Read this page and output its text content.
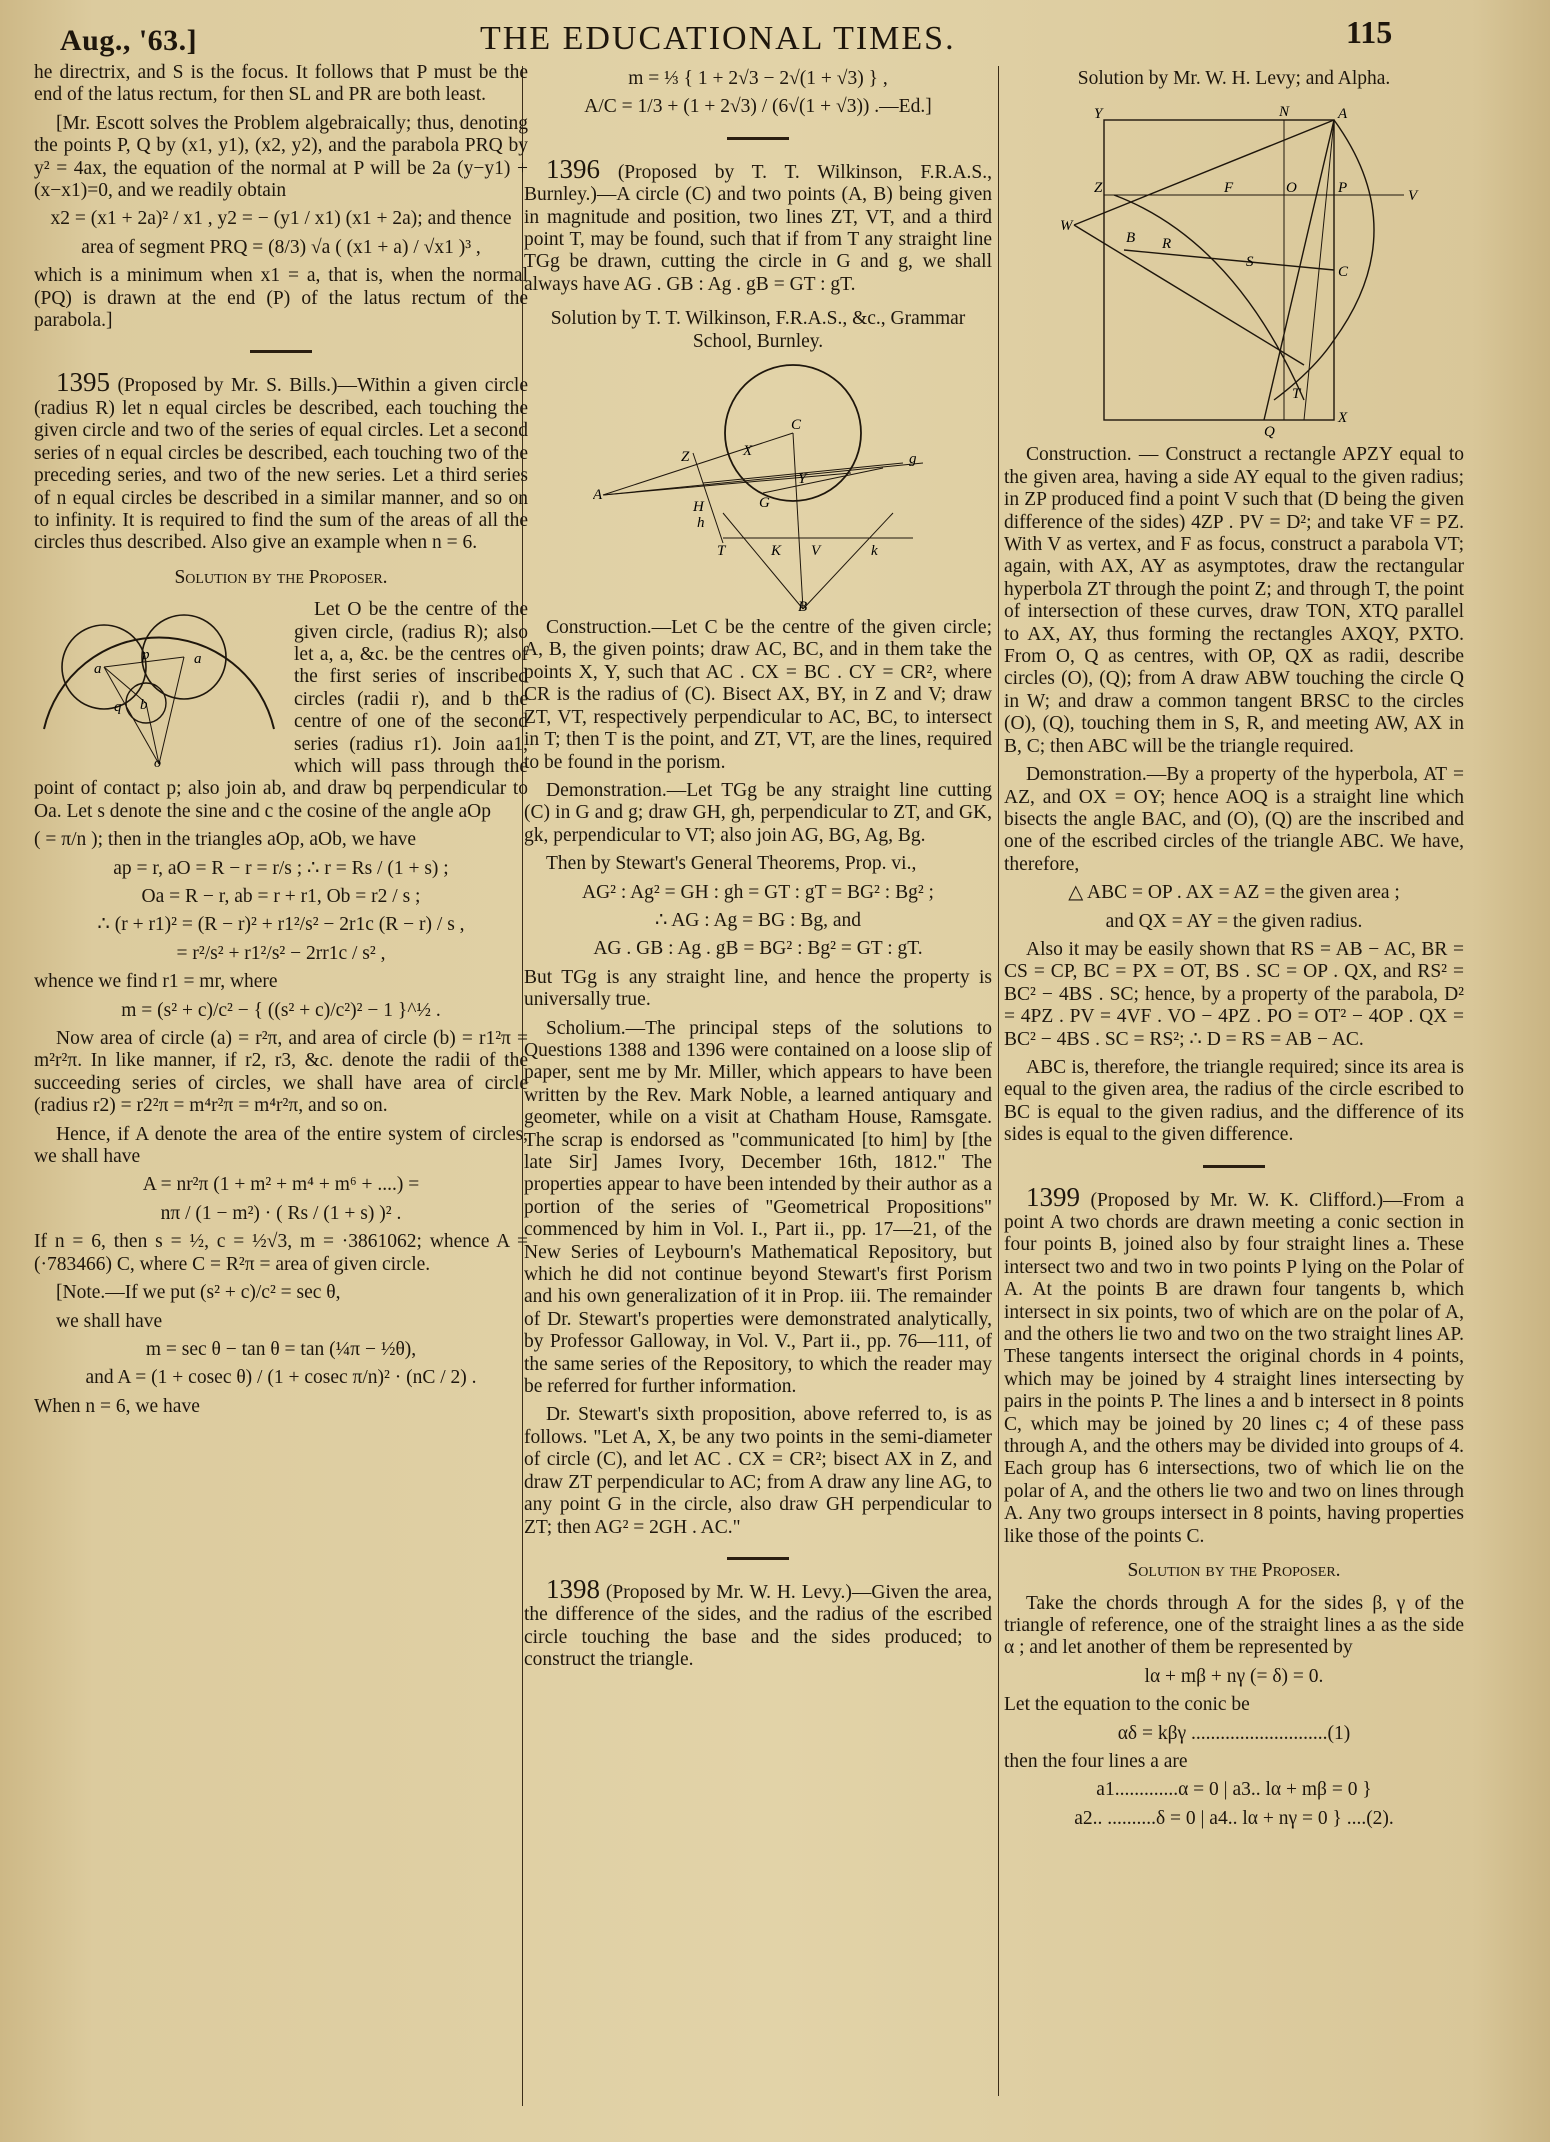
Aug., '63.]	THE EDUCATIONAL TIMES.	115

he directrix, and S is the focus. It follows that P must be the end of the latus rectum, for then SL and PR are both least.

[Mr. Escott solves the Problem algebraically; thus, denoting the points P, Q by (x1, y1), (x2, y2), and the parabola PRQ by y² = 4ax, the equation of the normal at P will be 2a (y−y1) + (x−x1)=0, and we readily obtain

x2 = (x1 + 2a)² / x1 , y2 = − (y1 / x1) (x1 + 2a); and thence
area of segment PRQ = (8/3) √a ( (x1 + a) / √x1 )³ ,

which is a minimum when x1 = a, that is, when the normal (PQ) is drawn at the end (P) of the latus rectum of the parabola.]

1395 (Proposed by Mr. S. Bills.)—Within a given circle (radius R) let n equal circles be described, each touching the given circle and two of the series of equal circles. Let a second series of n equal circles be described, each touching two of the preceding series, and two of the new series. Let a third series of n equal circles be described in a similar manner, and so on to infinity. It is required to find the sum of the areas of all the circles thus described. Also give an example when n = 6.

Solution by the Proposer.
a
a
p
b
q
o

Let O be the centre of the given circle, (radius R); also let a, a, &c. be the centres of the first series of inscribed circles (radii r), and b the centre of one of the second series (radius r1). Join aa1, which will pass through the point of contact p; also join ab, and draw bq perpendicular to Oa. Let s denote the sine and c the cosine of the angle aOp

( = π/n ); then in the triangles aOp, aOb, we have

ap = r, aO = R − r = r/s ; ∴ r = Rs / (1 + s) ;
Oa = R − r, ab = r + r1, Ob = r2 / s ;
∴ (r + r1)² = (R − r)² + r1²/s² − 2r1c (R − r) / s ,
= r²/s² + r1²/s² − 2rr1c / s² ,

whence we find r1 = mr, where

m = (s² + c)/c² − { ((s² + c)/c²)² − 1 }^½ .

Now area of circle (a) = r²π, and area of circle (b) = r1²π = m²r²π. In like manner, if r2, r3, &c. denote the radii of the succeeding series of circles, we shall have area of circle (radius r2) = r2²π = m⁴r²π = m⁴r²π, and so on.

Hence, if A denote the area of the entire system of circles, we shall have

A = nr²π (1 + m² + m⁴ + m⁶ + ....) =
nπ / (1 − m²) · ( Rs / (1 + s) )² .

If n = 6, then s = ½, c = ½√3, m = ·3861062; whence A = (·783466) C, where C = R²π = area of given circle.

[Note.—If we put (s² + c)/c² = sec θ,

we shall have

m = sec θ − tan θ = tan (¼π − ½θ),
and A = (1 + cosec θ) / (1 + cosec π/n)² · (nC / 2) .

When n = 6, we have

m = ⅓ { 1 + 2√3 − 2√(1 + √3) } ,
A/C = 1/3 + (1 + 2√3) / (6√(1 + √3)) .—Ed.]

1396 (Proposed by T. T. Wilkinson, F.R.A.S., Burnley.)—A circle (C) and two points (A, B) being given in magnitude and position, two lines ZT, VT, and a third point T, may be found, such that if from T any straight line TGg be drawn, cutting the circle in G and g, we shall always have AG . GB : Ag . gB = GT : gT.

Solution by T. T. Wilkinson, F.R.A.S., &c., Grammar School, Burnley.
A
Z	X
C
Y
g
G
H
h
T	K V	k
B

Construction.—Let C be the centre of the given circle; A, B, the given points; draw AC, BC, and in them take the points X, Y, such that AC . CX = BC . CY = CR², where CR is the radius of (C). Bisect AX, BY, in Z and V; draw ZT, VT, respectively perpendicular to AC, BC, to intersect in T; then T is the point, and ZT, VT, are the lines, required to be found in the porism.

Demonstration.—Let TGg be any straight line cutting (C) in G and g; draw GH, gh, perpendicular to ZT, and GK, gk, perpendicular to VT; also join AG, BG, Ag, Bg.

Then by Stewart's General Theorems, Prop. vi.,

AG² : Ag² = GH : gh = GT : gT = BG² : Bg² ;
∴ AG : Ag = BG : Bg, and
AG . GB : Ag . gB = BG² : Bg² = GT : gT.

But TGg is any straight line, and hence the property is universally true.

Scholium.—The principal steps of the solutions to Questions 1388 and 1396 were contained on a loose slip of paper, sent me by Mr. Miller, which appears to have been written by the Rev. Mark Noble, a learned antiquary and geometer, while on a visit at Chatham House, Ramsgate. The scrap is endorsed as "communicated [to him] by [the late Sir] James Ivory, December 16th, 1812." The properties appear to have been intended by their author as a portion of the series of "Geometrical Propositions" commenced by him in Vol. I., Part ii., pp. 17—21, of the New Series of Leybourn's Mathematical Repository, but which he did not continue beyond Stewart's first Porism and his own generalization of it in Prop. iii. The remainder of Dr. Stewart's properties were demonstrated analytically, by Professor Galloway, in Vol. V., Part ii., pp. 76—111, of the same series of the Repository, to which the reader may be referred for further information.

Dr. Stewart's sixth proposition, above referred to, is as follows. "Let A, X, be any two points in the semi-diameter of circle (C), and let AC . CX = CR²; bisect AX in Z, and draw ZT perpendicular to AC; from A draw any line AG, to any point G in the circle, also draw GH perpendicular to ZT; then AG² = 2GH . AC."

1398 (Proposed by Mr. W. H. Levy.)—Given the area, the difference of the sides, and the radius of the escribed circle touching the base and the sides produced; to construct the triangle.

Solution by Mr. W. H. Levy; and Alpha.
Y	N	A
Z	F	O	P	V
W
B R
S
C
T
Q
X

Construction. — Construct a rectangle APZY equal to the given area, having a side AY equal to the given radius; in ZP produced find a point V such that (D being the given difference of the sides) 4ZP . PV = D²; and take VF = PZ. With V as vertex, and F as focus, construct a parabola VT; again, with AX, AY as asymptotes, draw the rectangular hyperbola ZT through the point Z; and through T, the point of intersection of these curves, draw TON, XTQ parallel to AX, AY, thus forming the rectangles AXQY, PXTO. From O, Q as centres, with OP, QX as radii, describe circles (O), (Q); from A draw ABW touching the circle Q in W; and draw a common tangent BRSC to the circles (O), (Q), touching them in S, R, and meeting AW, AX in B, C; then ABC will be the triangle required.

Demonstration.—By a property of the hyperbola, AT = AZ, and OX = OY; hence AOQ is a straight line which bisects the angle BAC, and (O), (Q) are the inscribed and one of the escribed circles of the triangle ABC. We have, therefore,

△ ABC = OP . AX = AZ = the given area ;
and QX = AY = the given radius.

Also it may be easily shown that RS = AB − AC, BR = CS = CP, BC = PX = OT, BS . SC = OP . QX, and RS² = BC² − 4BS . SC; hence, by a property of the parabola, D² = 4PZ . PV = 4VF . VO − 4PZ . PO = OT² − 4OP . QX = BC² − 4BS . SC = RS²; ∴ D = RS = AB − AC.

ABC is, therefore, the triangle required; since its area is equal to the given area, the radius of the circle escribed to BC is equal to the given radius, and the difference of its sides is equal to the given difference.

1399 (Proposed by Mr. W. K. Clifford.)—From a point A two chords are drawn meeting a conic section in four points B, joined also by four straight lines a. These intersect two and two in two points P lying on the Polar of A. At the points B are drawn four tangents b, which intersect in six points, two of which are on the polar of A, and the others lie two and two on the two straight lines AP. These tangents intersect the original chords in 4 points, which may be joined by 4 straight lines intersecting by pairs in the points P. The lines a and b intersect in 8 points C, which may be joined by 20 lines c; 4 of these pass through A, and the others may be divided into groups of 4. Each group has 6 intersections, two of which lie on the polar of A, and the others lie two and two on lines through A. Any two groups intersect in 8 points, having properties like those of the points C.

Solution by the Proposer.

Take the chords through A for the sides β, γ of the triangle of reference, one of the straight lines a as the side α ; and let another of them be represented by

lα + mβ + nγ (= δ) = 0.

Let the equation to the conic be

αδ = kβγ ............................(1)

then the four lines a are

a1.............α = 0 | a3.. lα + mβ = 0 }
a2.. ..........δ = 0 | a4.. lα + nγ = 0 } ....(2).
